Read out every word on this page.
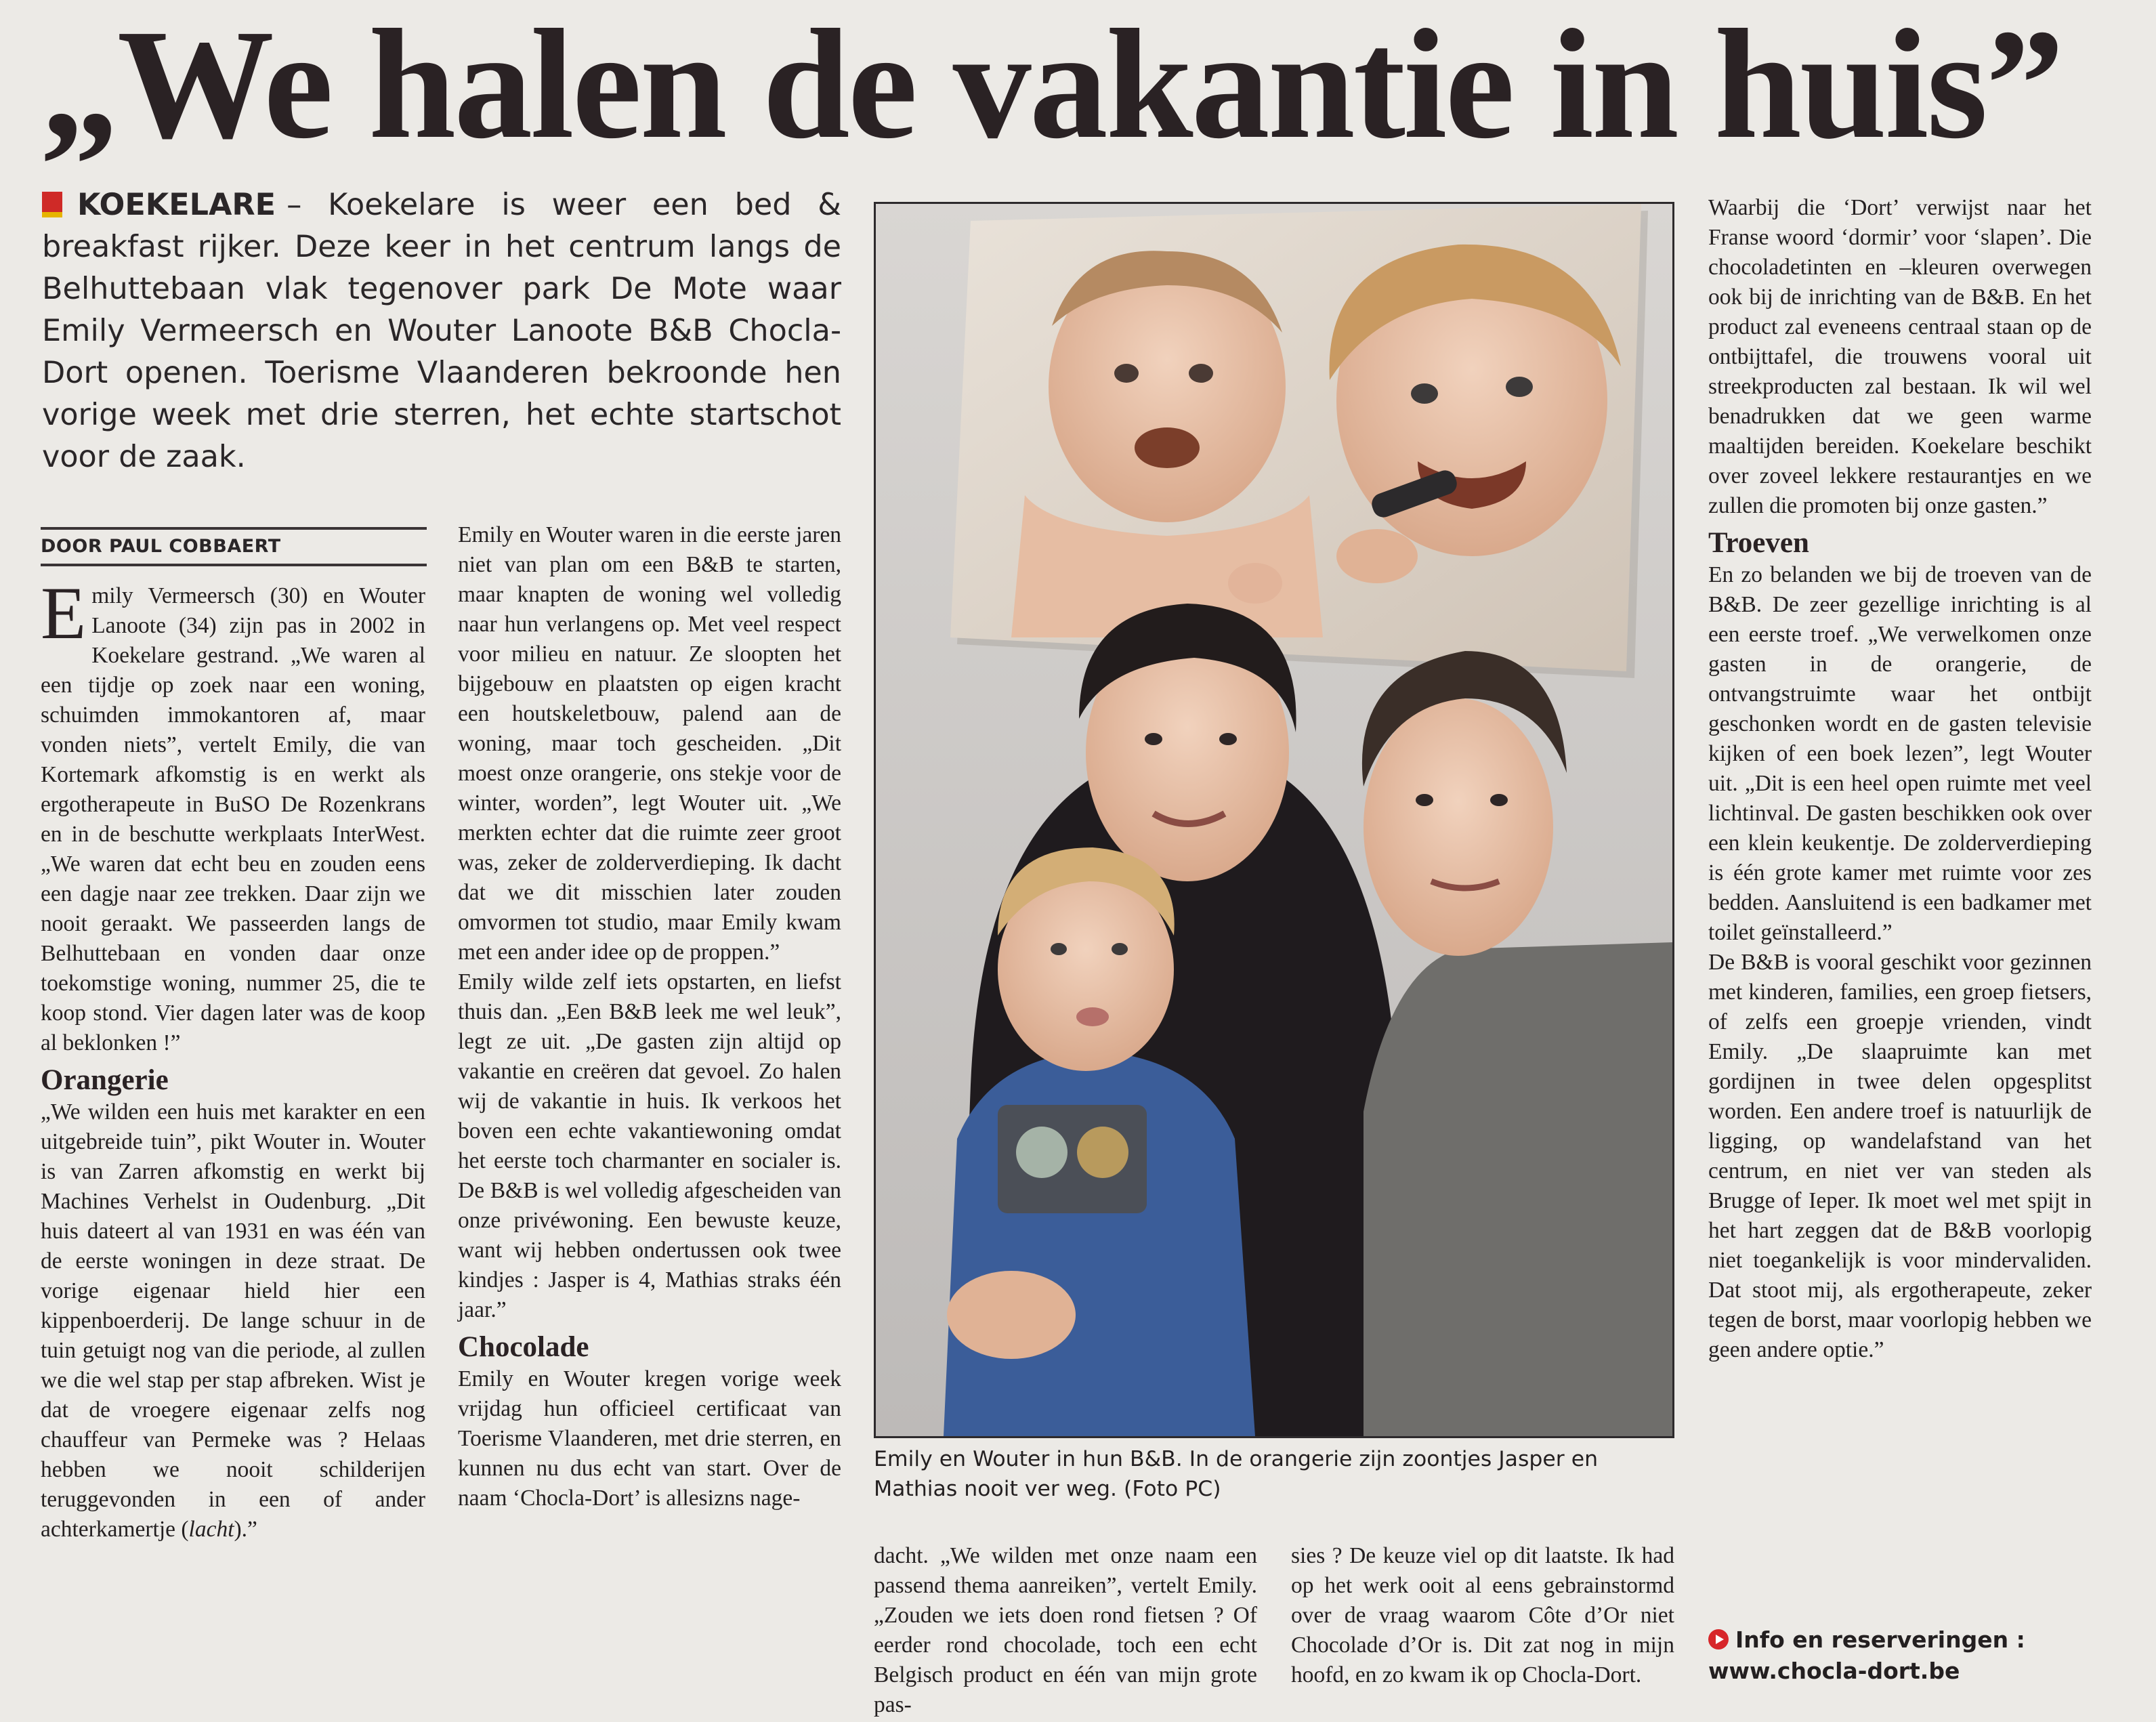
„We halen de vakantie in huis”
KOEKELARE – Koekelare is weer een bed & breakfast rijker. Deze keer in het centrum langs de Belhuttebaan vlak tegenover park De Mote waar Emily Vermeersch en Wouter Lanoote B&B Chocla-Dort openen. Toerisme Vlaanderen bekroonde hen vorige week met drie sterren, het echte startschot voor de zaak.
DOOR PAUL COBBAERT

Emily Vermeersch (30) en Wouter Lanoote (34) zijn pas in 2002 in Koekelare gestrand. „We waren al een tijdje op zoek naar een woning, schuimden immokantoren af, maar vonden niets”, vertelt Emily, die van Kortemark afkomstig is en werkt als ergotherapeute in BuSO De Rozenkrans en in de beschutte werkplaats InterWest. „We waren dat echt beu en zouden eens een dagje naar zee trekken. Daar zijn we nooit geraakt. We passeerden langs de Belhuttebaan en vonden daar onze toekomstige woning, nummer 25, die te koop stond. Vier dagen later was de koop al beklonken !”

Orangerie

„We wilden een huis met karakter en een uitgebreide tuin”, pikt Wouter in. Wouter is van Zarren afkomstig en werkt bij Machines Verhelst in Oudenburg. „Dit huis dateert al van 1931 en was één van de eerste woningen in deze straat. De vorige eigenaar hield hier een kippenboerderij. De lange schuur in de tuin getuigt nog van die periode, al zullen we die wel stap per stap afbreken. Wist je dat de vroegere eigenaar zelfs nog chauffeur van Permeke was ? Helaas hebben we nooit schilderijen teruggevonden in een of ander achterkamertje (lacht).”

Emily en Wouter waren in die eerste jaren niet van plan om een B&B te starten, maar knapten de woning wel volledig naar hun verlangens op. Met veel respect voor milieu en natuur. Ze sloopten het bijgebouw en plaatsten op eigen kracht een houtskeletbouw, palend aan de woning, maar toch gescheiden. „Dit moest onze orangerie, ons stekje voor de winter, worden”, legt Wouter uit. „We merkten echter dat die ruimte zeer groot was, zeker de zolderverdieping. Ik dacht dat we dit misschien later zouden omvormen tot studio, maar Emily kwam met een ander idee op de proppen.”

Emily wilde zelf iets opstarten, en liefst thuis dan. „Een B&B leek me wel leuk”, legt ze uit. „De gasten zijn altijd op vakantie en creëren dat gevoel. Zo halen wij de vakantie in huis. Ik verkoos het boven een echte vakantiewoning omdat het eerste toch charmanter en socialer is. De B&B is wel volledig afgescheiden van onze privéwoning. Een bewuste keuze, want wij hebben ondertussen ook twee kindjes : Jasper is 4, Mathias straks één jaar.”

Chocolade

Emily en Wouter kregen vorige week vrijdag hun officieel certificaat van Toerisme Vlaanderen, met drie sterren, en kunnen nu dus echt van start. Over de naam ‘Chocla-Dort’ is allesizns nage-

Emily en Wouter in hun B&B. In de orangerie zijn zoontjes Jasper en Mathias nooit ver weg. (Foto PC)

dacht. „We wilden met onze naam een passend thema aanreiken”, vertelt Emily. „Zouden we iets doen rond fietsen ? Of eerder rond chocolade, toch een echt Belgisch product en één van mijn grote pas-

sies ? De keuze viel op dit laatste. Ik had op het werk ooit al eens gebrainstormd over de vraag waarom Côte d’Or niet Chocolade d’Or is. Dit zat nog in mijn hoofd, en zo kwam ik op Chocla-Dort.

Waarbij die ‘Dort’ verwijst naar het Franse woord ‘dormir’ voor ‘slapen’. Die chocoladetinten en –kleuren overwegen ook bij de inrichting van de B&B. En het product zal eveneens centraal staan op de ontbijttafel, die trouwens vooral uit streekproducten zal bestaan. Ik wil wel benadrukken dat we geen warme maaltijden bereiden. Koekelare beschikt over zoveel lekkere restaurantjes en we zullen die promoten bij onze gasten.”

Troeven

En zo belanden we bij de troeven van de B&B. De zeer gezellige inrichting is al een eerste troef. „We verwelkomen onze gasten in de orangerie, de ontvangstruimte waar het ontbijt geschonken wordt en de gasten televisie kijken of een boek lezen”, legt Wouter uit. „Dit is een heel open ruimte met veel lichtinval. De gasten beschikken ook over een klein keukentje. De zolderverdieping is één grote kamer met ruimte voor zes bedden. Aansluitend is een badkamer met toilet geïnstalleerd.”

De B&B is vooral geschikt voor gezinnen met kinderen, families, een groep fietsers, of zelfs een groepje vrienden, vindt Emily. „De slaapruimte kan met gordijnen in twee delen opgesplitst worden. Een andere troef is natuurlijk de ligging, op wandelafstand van het centrum, en niet ver van steden als Brugge of Ieper. Ik moet wel met spijt in het hart zeggen dat de B&B voorlopig niet toegankelijk is voor mindervaliden. Dat stoot mij, als ergotherapeute, zeker tegen de borst, maar voorlopig hebben we geen andere optie.”

Info en reserveringen : www.chocla-dort.be
